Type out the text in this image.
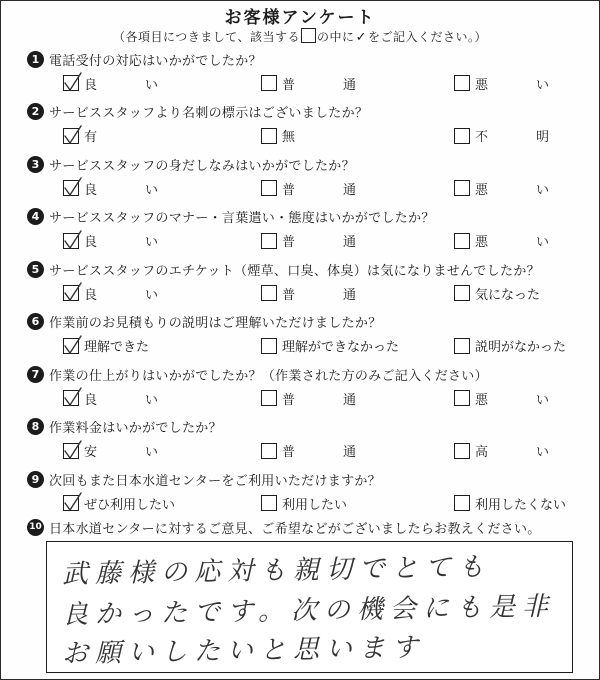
お客様アンケート
（各項目につきまして、該当する の中に✓をご記入ください。）
1 電話受付の対応はいかがでしたか？
良	い	普	通	悪	い
2 サービススタッフより名刺の標示はございましたか？
有	無	不	明
3 サービススタッフの身だしなみはいかがでしたか？
良	い	普	通	悪	い
4 サービススタッフのマナー・言葉遣い・態度はいかがでしたか？
良	い	普	通	悪	い
5 サービススタッフのエチケット（煙草、口臭、体臭）は気になりませんでしたか？
良	い	普	通	気になった
6 作業前のお見積もりの説明はご理解いただけましたか？
理解できた	理解ができなかった	説明がなかった
7 作業の仕上がりはいかがでしたか？（作業された方のみご記入ください）
良	い	普	通	悪	い
8 作業料金はいかがでしたか？
安	い	普	通	高	い
9 次回もまた日本水道センターをご利用いただけますか？
ぜひ利用したい	利用したい	利用したくない
10 日本水道センターに対するご意見、ご希望などがございましたらお教えください。
武藤様の応対も親切でとても
良かったです。次の機会にも是非
お願いしたいと思います
